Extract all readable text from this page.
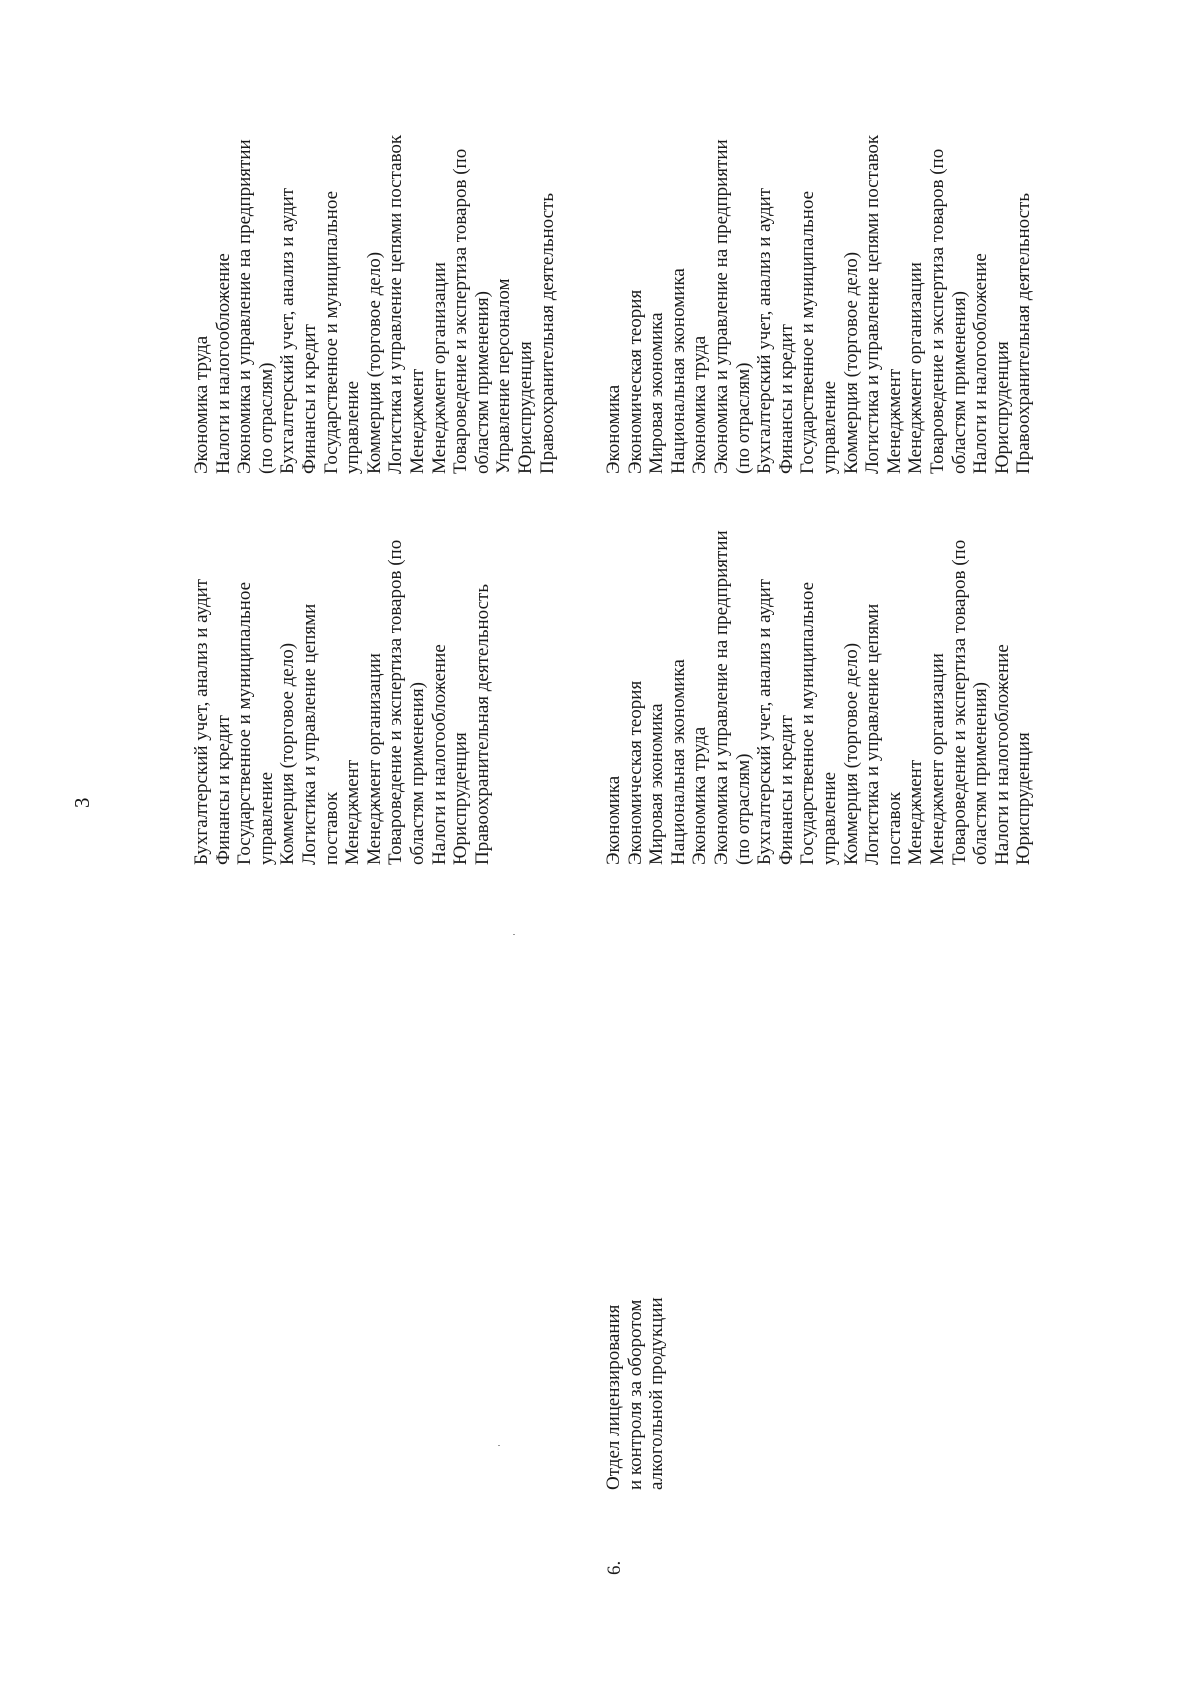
3
6.
Отдел лицензирования и контроля за оборотом алкогольной продукции
Бухгалтерский учет, анализ и аудит Финансы и кредит Государственное и муниципальное управление Коммерция (торговое дело) Логистика и управление цепями поставок Менеджмент Менеджмент организации Товароведение и экспертиза товаров (по областям применения) Налоги и налогообложение Юриспруденция Правоохранительная деятельность
Экономика труда Налоги и налогообложение Экономика и управление на предприятии (по отраслям) Бухгалтерский учет, анализ и аудит Финансы и кредит Государственное и муниципальное управление Коммерция (торговое дело) Логистика и управление цепями поставок Менеджмент Менеджмент организации Товароведение и экспертиза товаров (по областям применения) Управление персоналом Юриспруденция Правоохранительная деятельность
Экономика Экономическая теория Мировая экономика Национальная экономика Экономика труда Экономика и управление на предприятии (по отраслям) Бухгалтерский учет, анализ и аудит Финансы и кредит Государственное и муниципальное управление Коммерция (торговое дело) Логистика и управление цепями поставок Менеджмент Менеджмент организации Товароведение и экспертиза товаров (по областям применения) Налоги и налогообложение Юриспруденция
Экономика Экономическая теория Мировая экономика Национальная экономика Экономика труда Экономика и управление на предприятии (по отраслям) Бухгалтерский учет, анализ и аудит Финансы и кредит Государственное и муниципальное управление Коммерция (торговое дело) Логистика и управление цепями поставок Менеджмент Менеджмент организации Товароведение и экспертиза товаров (по областям применения) Налоги и налогообложение Юриспруденция Правоохранительная деятельность
